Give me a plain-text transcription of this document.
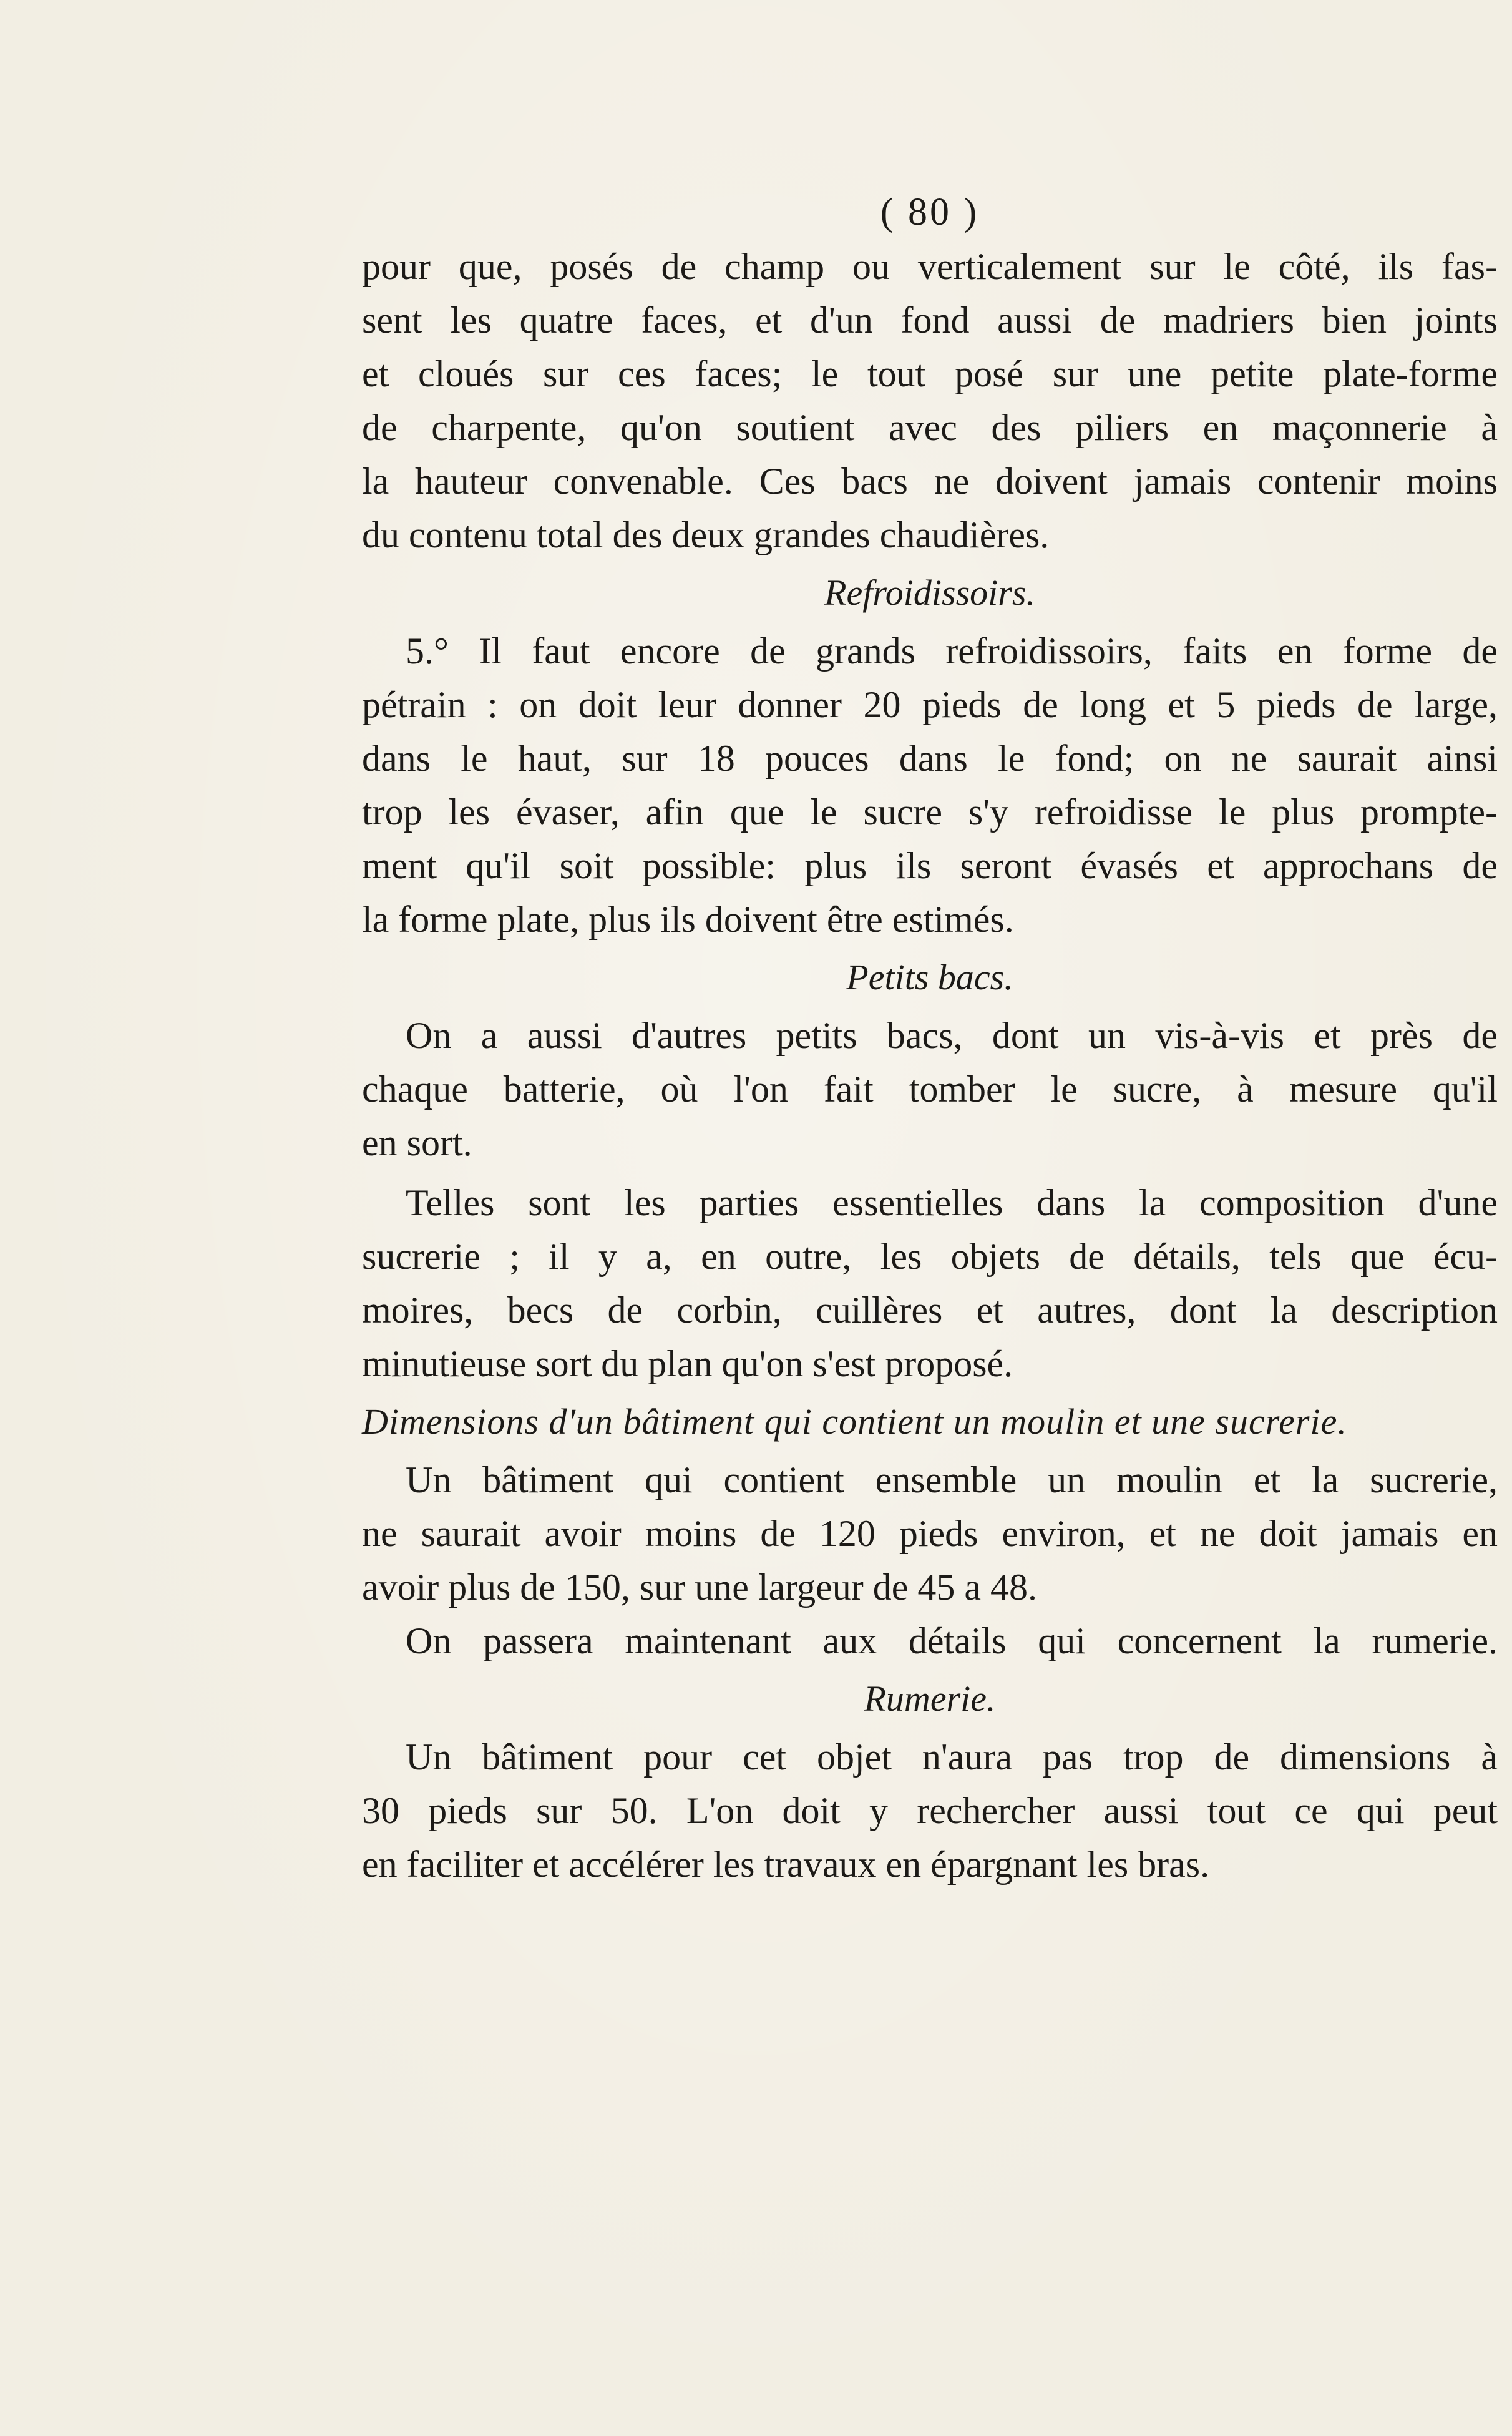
( 80 )
pour que, posés de champ ou verticalement sur le côté, ils fas-
sent les quatre faces, et d'un fond aussi de madriers bien joints
et cloués sur ces faces; le tout posé sur une petite plate-forme
de charpente, qu'on soutient avec des piliers en maçonnerie à
la hauteur convenable. Ces bacs ne doivent jamais contenir moins
du contenu total des deux grandes chaudières.
Refroidissoirs.
5.° Il faut encore de grands refroidissoirs, faits en forme de
pétrain : on doit leur donner 20 pieds de long et 5 pieds de large,
dans le haut, sur 18 pouces dans le fond; on ne saurait ainsi
trop les évaser, afin que le sucre s'y refroidisse le plus prompte-
ment qu'il soit possible: plus ils seront évasés et approchans de
la forme plate, plus ils doivent être estimés.
Petits bacs.
On a aussi d'autres petits bacs, dont un vis-à-vis et près de
chaque batterie, où l'on fait tomber le sucre, à mesure qu'il
en sort.
Telles sont les parties essentielles dans la composition d'une
sucrerie ; il y a, en outre, les objets de détails, tels que écu-
moires, becs de corbin, cuillères et autres, dont la description
minutieuse sort du plan qu'on s'est proposé.
Dimensions d'un bâtiment qui contient un moulin et une sucrerie.
Un bâtiment qui contient ensemble un moulin et la sucrerie,
ne saurait avoir moins de 120 pieds environ, et ne doit jamais en
avoir plus de 150, sur une largeur de 45 a 48.
On passera maintenant aux détails qui concernent la rumerie.
Rumerie.
Un bâtiment pour cet objet n'aura pas trop de dimensions à
30 pieds sur 50. L'on doit y rechercher aussi tout ce qui peut
en faciliter et accélérer les travaux en épargnant les bras.
